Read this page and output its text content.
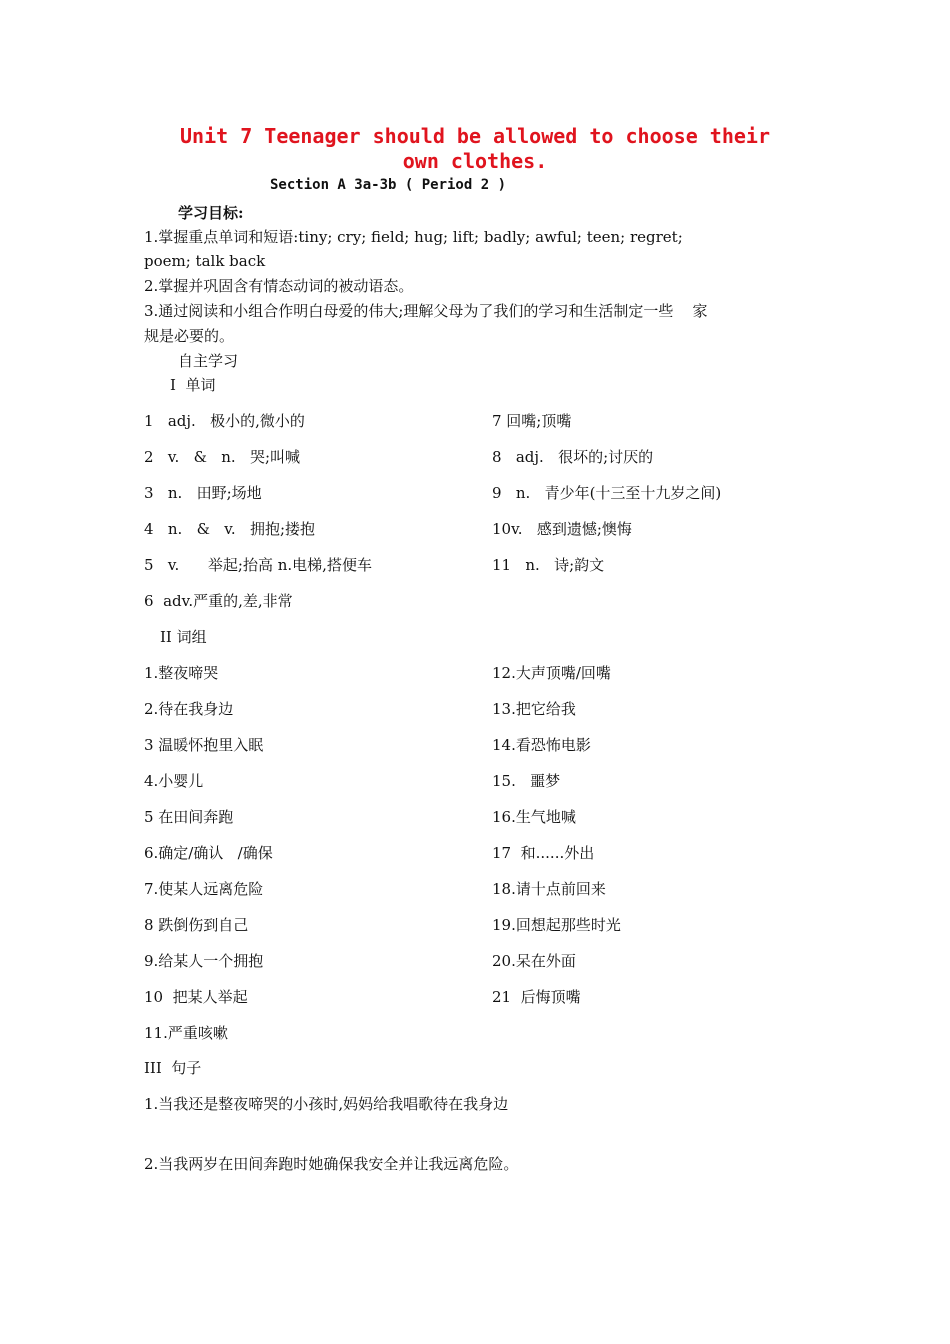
Unit 7 Teenager should be allowed to choose their own clothes.
Section A 3a-3b ( Period 2 )
学习目标:
1.掌握重点单词和短语:tiny; cry; field; hug; lift; badly; awful; teen; regret;
poem; talk back
2.掌握并巩固含有情态动词的被动语态。
3.通过阅读和小组合作明白母爱的伟大;理解父母为了我们的学习和生活制定一些    家
规是必要的。
自主学习
I  单词
1   adj.   极小的,微小的	7 回嘴;顶嘴
2   v.   &   n.   哭;叫喊	8   adj.   很坏的;讨厌的
3   n.   田野;场地	9   n.   青少年(十三至十九岁之间)
4   n.   &   v.   拥抱;搂抱	10v.   感到遗憾;懊悔
5   v.      举起;抬高 n.电梯,搭便车	11   n.   诗;韵文
6  adv.严重的,差,非常
II 词组
1.整夜啼哭	12.大声顶嘴/回嘴
2.待在我身边	13.把它给我
3 温暖怀抱里入眠	14.看恐怖电影
4.小婴儿	15.   噩梦
5 在田间奔跑	16.生气地喊
6.确定/确认   /确保	17  和......外出
7.使某人远离危险	18.请十点前回来
8 跌倒伤到自己	19.回想起那些时光
9.给某人一个拥抱	20.呆在外面
10  把某人举起	21  后悔顶嘴
11.严重咳嗽
III  句子
1.当我还是整夜啼哭的小孩时,妈妈给我唱歌待在我身边
2.当我两岁在田间奔跑时她确保我安全并让我远离危险。
